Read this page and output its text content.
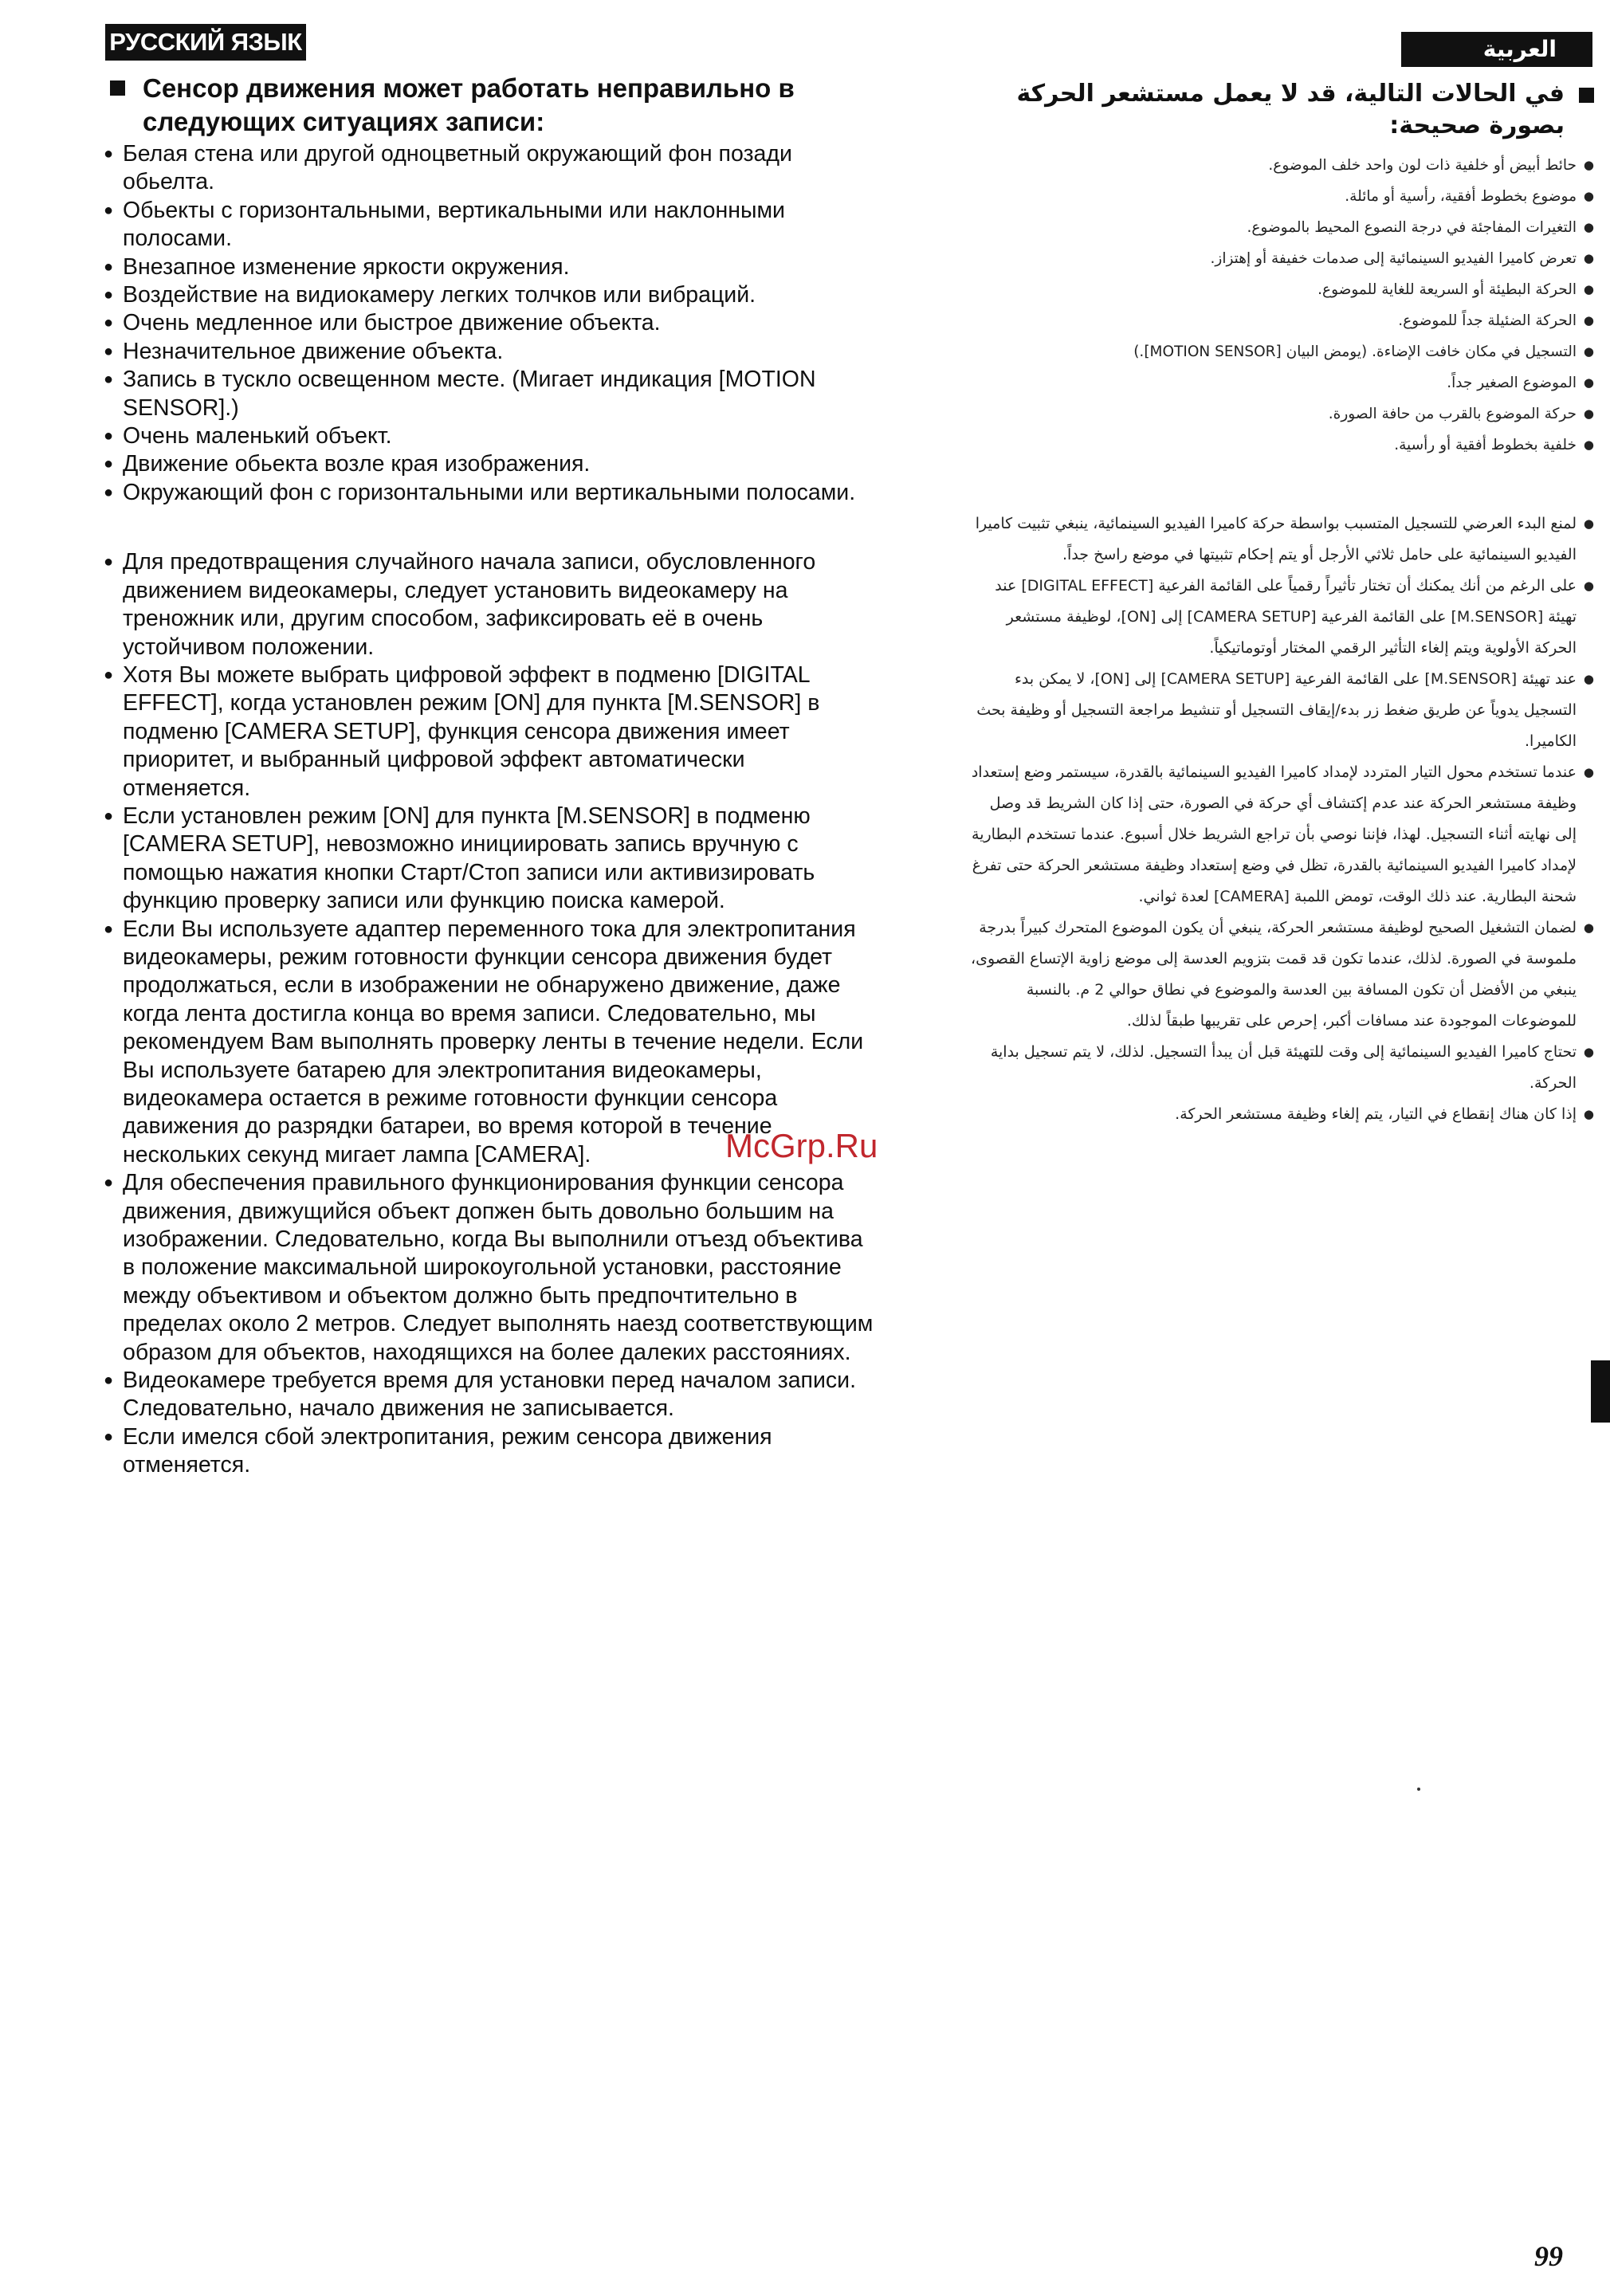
РУССКИЙ ЯЗЫК	العربية
Сенсор движения может работать неправильно в следующих ситуациях записи:
● Белая стена или другой одноцветный окружающий фон позади обьелта.
● Обьекты с горизонтальными, вертикальными или наклонными полосами.
● Внезапное изменение яркости окружения.
● Воздействие на видиокамеру легких толчков или вибраций.
● Очень медленное или быстрое движение объекта.
● Незначительное движение объекта.
● Запись в тускло освещенном месте. (Мигает индикация [MOTION SENSOR].)
● Очень маленький объект.
● Движение обьекта возле края изображения.
● Окружающий фон с горизонтальными или вертикальными полосами.
● Для предотвращения случайного начала записи, обусловленного движением видеокамеры, следует установить видеокамеру на треножник или, другим способом, зафиксировать её в очень устойчивом положении.
● Хотя Вы можете выбрать цифровой эффект в подменю [DIGITAL EFFECT], когда установлен режим [ON] для пункта [M.SENSOR] в подменю [CAMERA SETUP], функция сенсора движения имеет приоритет, и выбранный цифровой эффект автоматически отменяется.
● Если установлен режим [ON] для пункта [M.SENSOR] в подменю [CAMERA SETUP], невозможно инициировать запись вручную с помощью нажатия кнопки Старт/Стоп записи или активизировать функцию проверку записи или функцию поиска камерой.
● Если Вы используете адаптер переменного тока для электропитания видеокамеры, режим готовности функции сенсора движения будет продолжаться, если в изображении не обнаружено движение, даже когда лента достигла конца во время записи. Следовательно, мы рекомендуем Вам выполнять проверку ленты в течение недели. Если Вы используете батарею для электропитания видеокамеры, видеокамера остается в режиме готовности функции сенсора давижения до разрядки батареи, во время которой в течение нескольких секунд мигает лампа [CAMERA].
● Для обеспечения правильного функционирования функции сенсора движения, движущийся объект допжен быть довольно большим на изображении. Следовательно, когда Вы выполнили отъезд объектива в положение максимальной широкоугольной установки, расстояние между объективом и объектом должно быть предпочтительно в пределах около 2 метров. Следует выполнять наезд соответствующим образом для объектов, находящихся на более далеких расстояниях.
● Видеокамере требуется время для установки перед началом записи. Следовательно, начало движения не записывается.
● Если имелся сбой электропитания, режим сенсора движения отменяется.
في الحالات التالية، قد لا يعمل مستشعر الحركة بصورة صحيحة:
● حائط أبيض أو خلفية ذات لون واحد خلف الموضوع.
● موضوع بخطوط أفقية، رأسية أو مائلة.
● التغيرات المفاجئة في درجة النصوع المحيط بالموضوع.
● تعرض كاميرا الفيديو السينمائية إلى صدمات خفيفة أو إهتزاز.
● الحركة البطيئة أو السريعة للغاية للموضوع.
● الحركة الضئيلة جداً للموضوع.
● التسجيل في مكان خافت الإضاءة. (يومض البيان [MOTION SENSOR].)
● الموضوع الصغير جداً.
● حركة الموضوع بالقرب من حافة الصورة.
● خلفية بخطوط أفقية أو رأسية.
● لمنع البدء العرضي للتسجيل المتسبب بواسطة حركة كاميرا الفيديو السينمائية، ينبغي تثبيت كاميرا الفيديو السينمائية على حامل ثلاثي الأرجل أو يتم إحكام تثبيتها في موضع راسخ جداً.
● على الرغم من أنك يمكنك أن تختار تأثيراً رقمياً على القائمة الفرعية [DIGITAL EFFECT] عند تهيئة [M.SENSOR] على القائمة الفرعية [CAMERA SETUP] إلى [ON]، لوظيفة مستشعر الحركة الأولوية ويتم إلغاء التأثير الرقمي المختار أوتوماتيكياً.
● عند تهيئة [M.SENSOR] على القائمة الفرعية [CAMERA SETUP] إلى [ON]، لا يمكن بدء التسجيل يدوياً عن طريق ضغط زر بدء/إيقاف التسجيل أو تنشيط مراجعة التسجيل أو وظيفة بحث الكاميرا.
● عندما تستخدم محول التيار المتردد لإمداد كاميرا الفيديو السينمائية بالقدرة، سيستمر وضع إستعداد وظيفة مستشعر الحركة عند عدم إكتشاف أي حركة في الصورة، حتى إذا كان الشريط قد وصل إلى نهايته أثناء التسجيل. لهذا، فإننا نوصي بأن تراجع الشريط خلال أسبوع. عندما تستخدم البطارية لإمداد كاميرا الفيديو السينمائية بالقدرة، تظل في وضع إستعداد وظيفة مستشعر الحركة حتى تفرغ شحنة البطارية. عند ذلك الوقت، تومض اللمبة [CAMERA] لعدة ثواني.
● لضمان التشغيل الصحيح لوظيفة مستشعر الحركة، ينبغي أن يكون الموضوع المتحرك كبيراً بدرجة ملموسة في الصورة. لذلك، عندما تكون قد قمت بتزويم العدسة إلى موضع زاوية الإتساع القصوى، ينبغي من الأفضل أن تكون المسافة بين العدسة والموضوع في نطاق حوالي 2 م. بالنسبة للموضوعات الموجودة عند مسافات أكبر، إحرص على تقريبها طبقاً لذلك.
● تحتاج كاميرا الفيديو السينمائية إلى وقت للتهيئة قبل أن يبدأ التسجيل. لذلك، لا يتم تسجيل بداية الحركة.
● إذا كان هناك إنقطاع في التيار، يتم إلغاء وظيفة مستشعر الحركة.
McGrp.Ru
99
